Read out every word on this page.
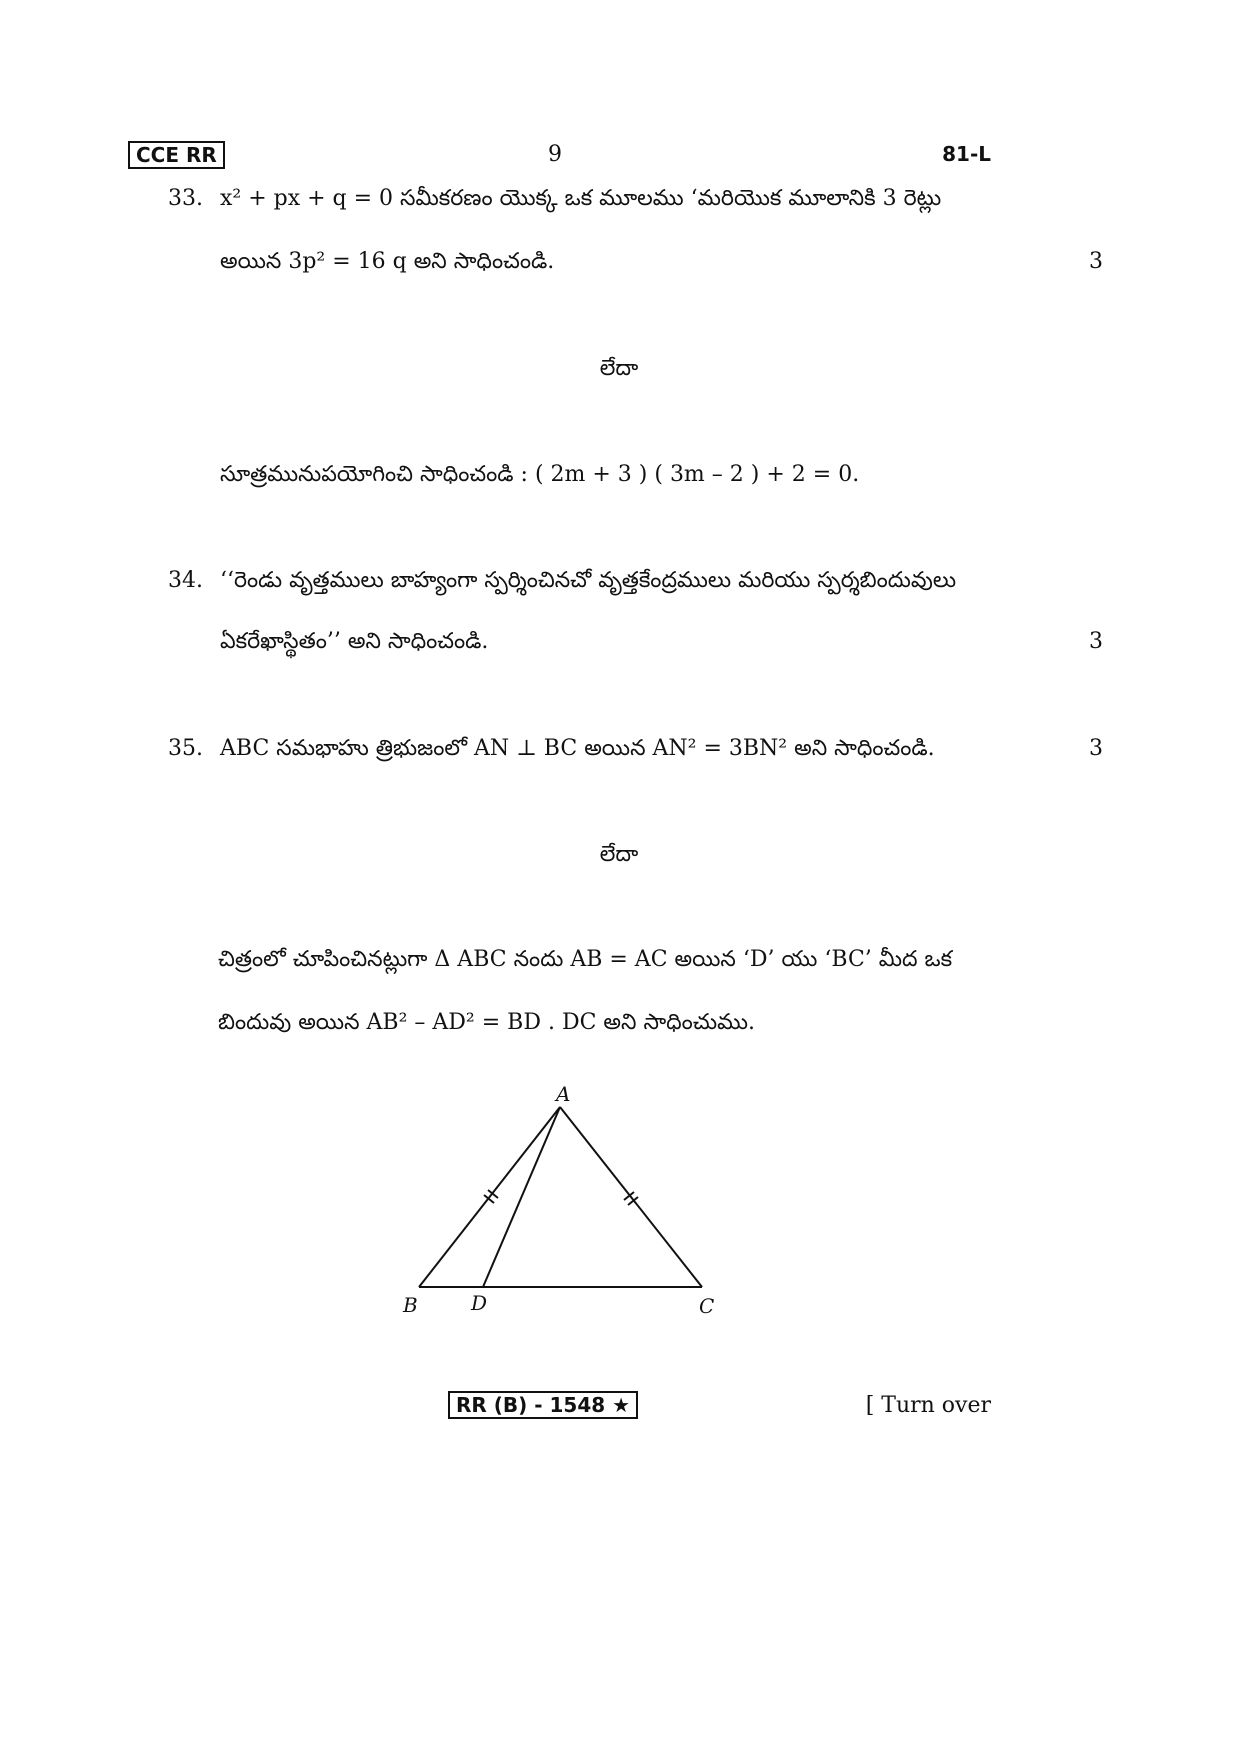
CCE RR	9	81-L
33. x² + px + q = 0 సమీకరణం యొక్క ఒక మూలము ‘మరియొక మూలానికి 3 రెట్లు
అయిన 3p² = 16 q అని సాధించండి.	3
లేదా
సూత్రమునుపయోగించి సాధించండి : ( 2m + 3 ) ( 3m – 2 ) + 2 = 0.
34. ‘‘రెండు వృత్తములు బాహ్యంగా స్పర్శించినచో వృత్తకేంద్రములు మరియు స్పర్శబిందువులు
ఏకరేఖాస్థితం’’ అని సాధించండి.	3
35. ABC సమభాహు త్రిభుజంలో AN ⊥ BC అయిన AN² = 3BN² అని సాధించండి.	3
లేదా
చిత్రంలో చూపించినట్లుగా Δ ABC నందు AB = AC అయిన ‘D’ యు ‘BC’ మీద ఒక
బిందువు అయిన AB² – AD² = BD . DC అని సాధించుము.
A
B	D	C
RR (B) - 1548 ★	[ Turn over
